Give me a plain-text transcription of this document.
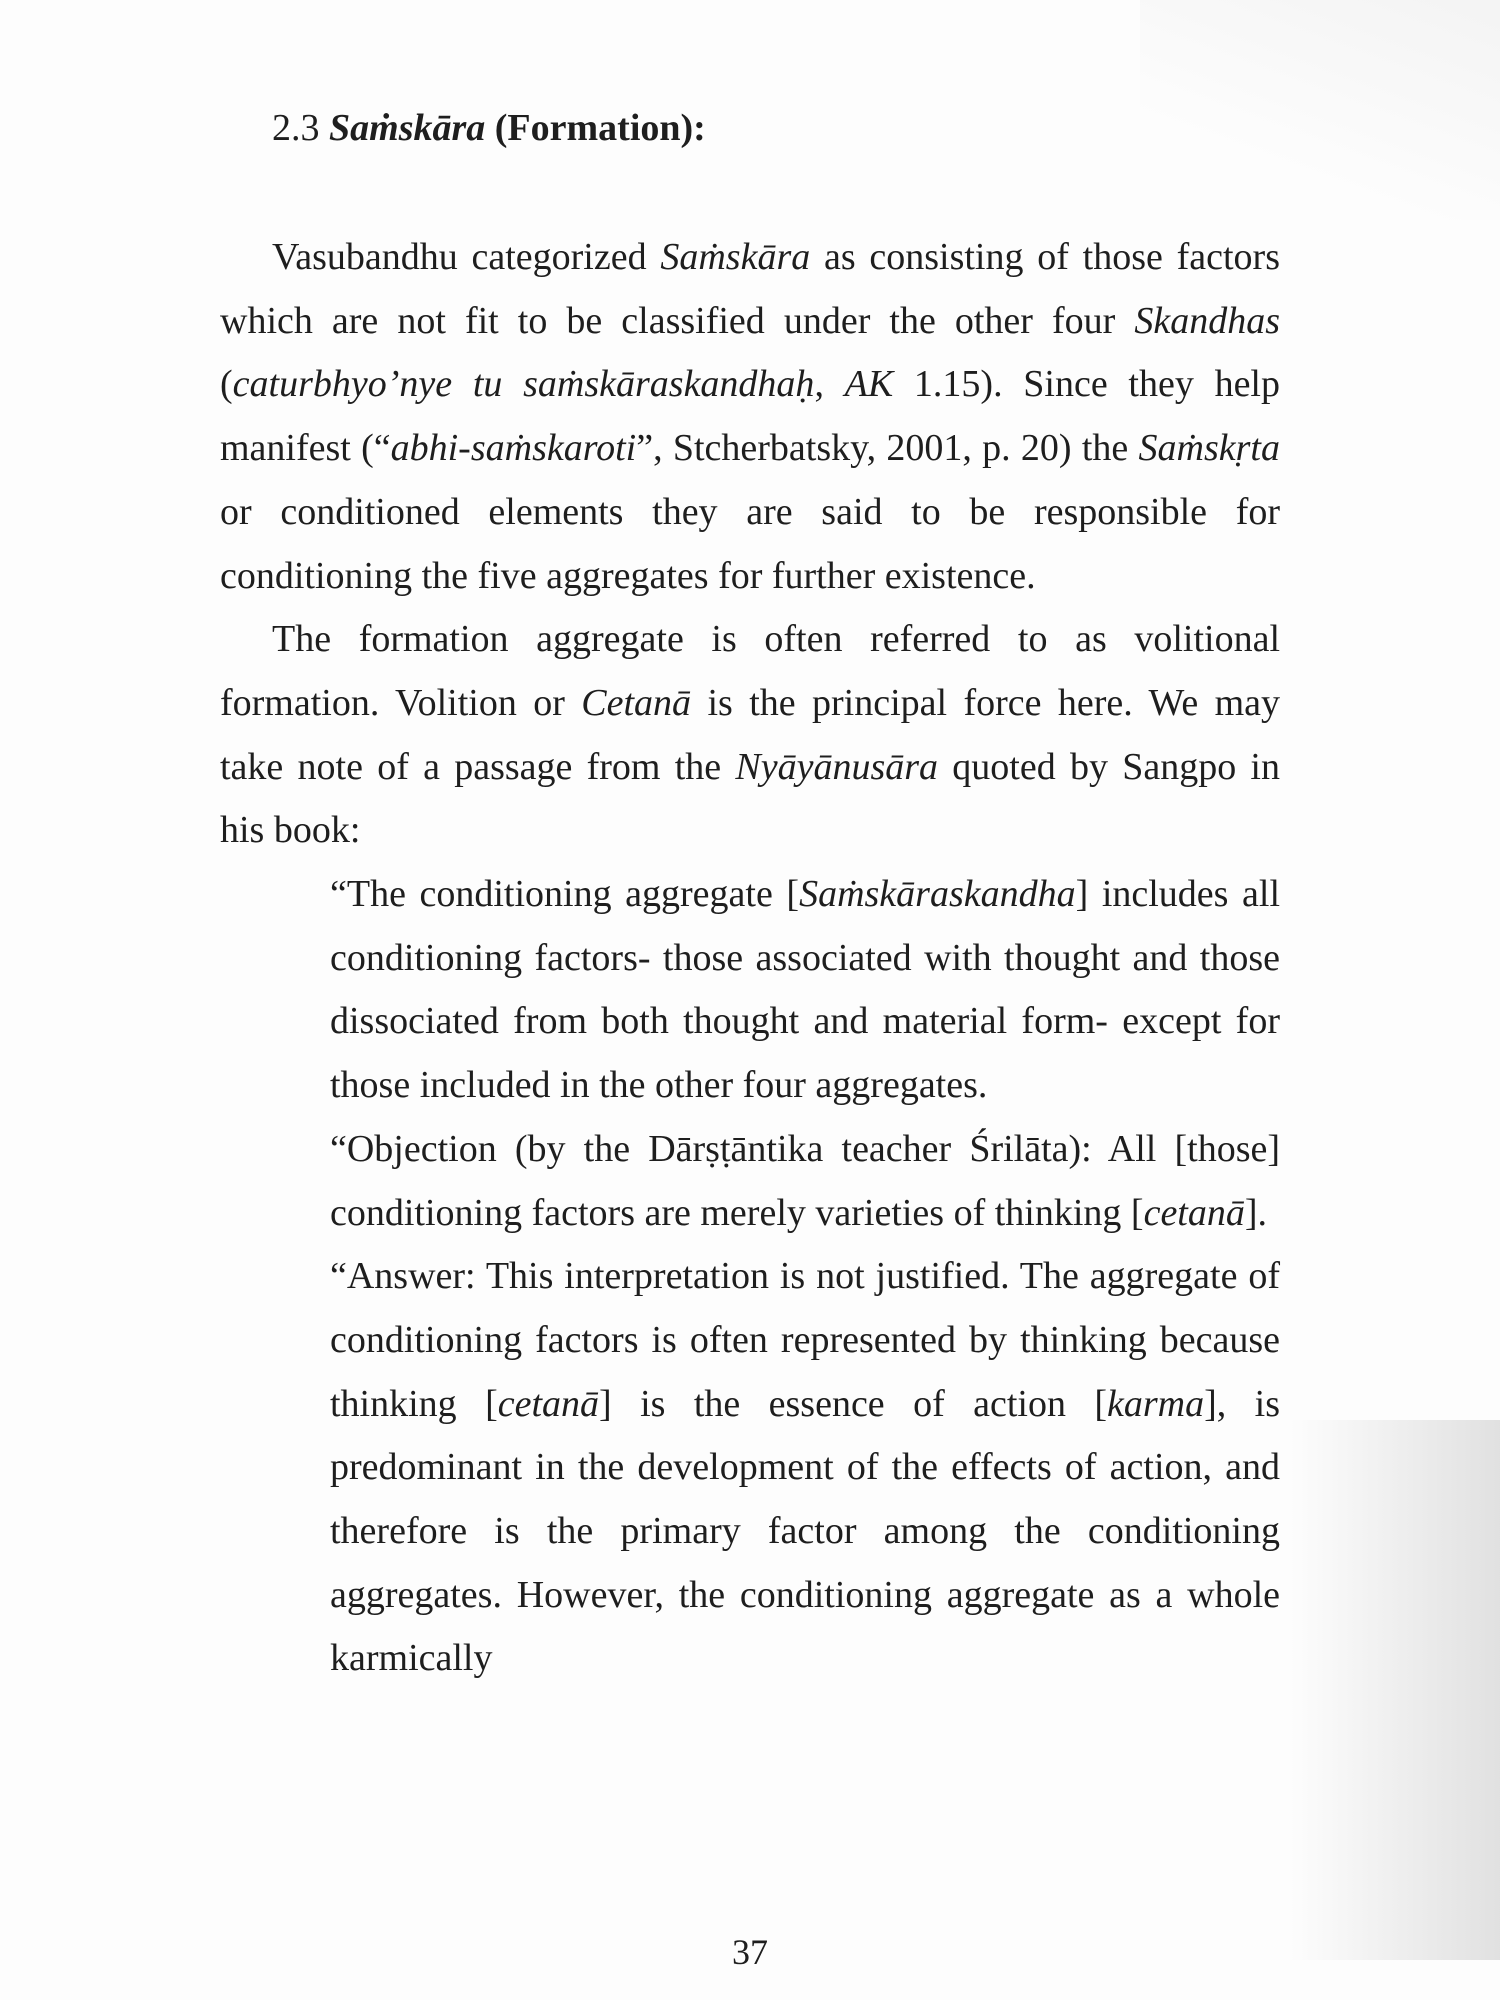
2.3 Saṁskāra (Formation):

Vasubandhu categorized Saṁskāra as consisting of those factors which are not fit to be classified under the other four Skandhas (caturbhyo’nye tu saṁskāraskandhaḥ, AK 1.15). Since they help manifest (“abhi-saṁskaroti”, Stcherbatsky, 2001, p. 20) the Saṁskṛta or conditioned elements they are said to be responsible for conditioning the five aggregates for further existence.

The formation aggregate is often referred to as volitional formation. Volition or Cetanā is the principal force here. We may take note of a passage from the Nyāyānusāra quoted by Sangpo in his book:

“The conditioning aggregate [Saṁskāraskandha] includes all conditioning factors- those associated with thought and those dissociated from both thought and material form- except for those included in the other four aggregates.

“Objection (by the Dārṣṭāntika teacher Śrilāta): All [those] conditioning factors are merely varieties of thinking [cetanā].

“Answer: This interpretation is not justified. The aggregate of conditioning factors is often represented by thinking because thinking [cetanā] is the essence of action [karma], is predominant in the development of the effects of action, and therefore is the primary factor among the conditioning aggregates. However, the conditioning aggregate as a whole karmically

37
